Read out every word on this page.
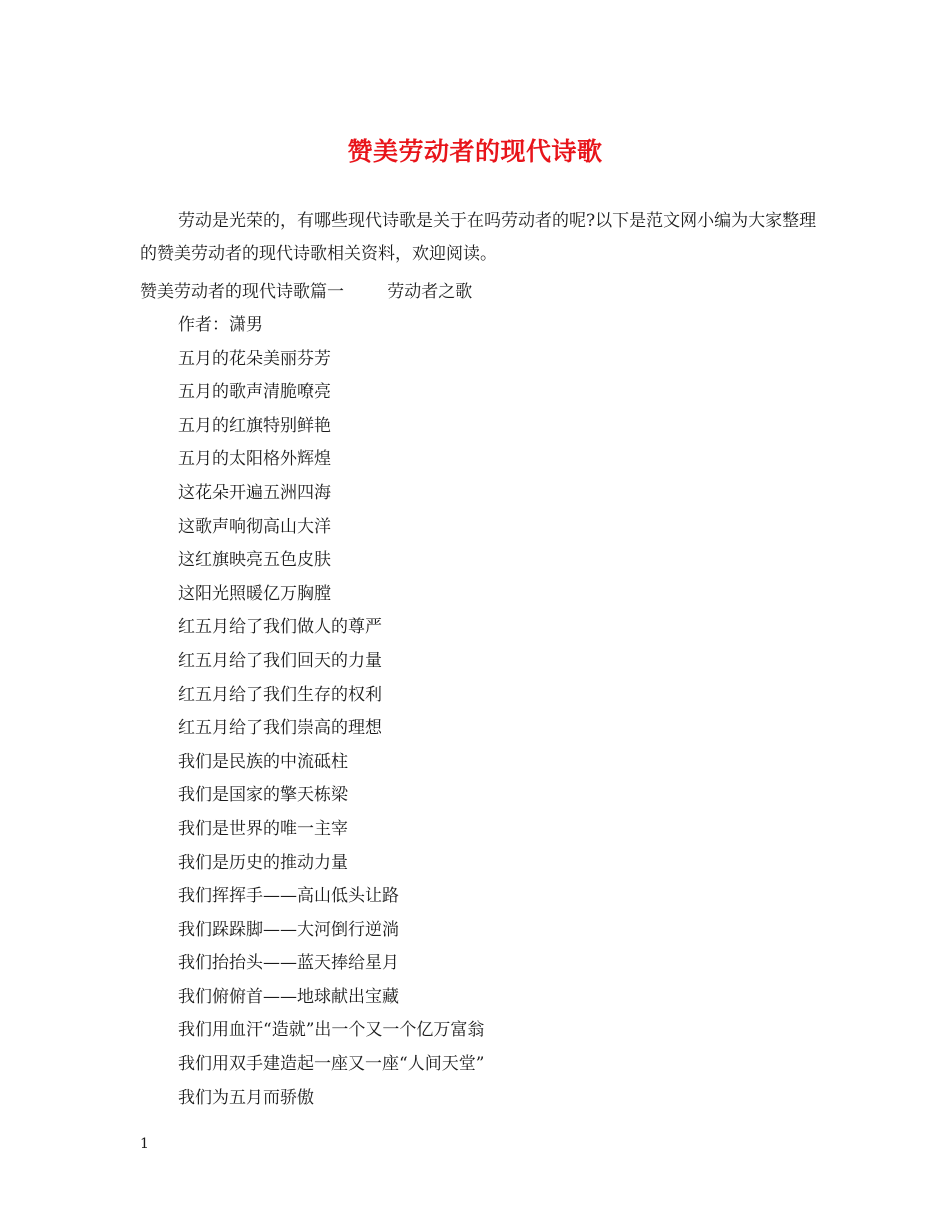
赞美劳动者的现代诗歌

劳动是光荣的，有哪些现代诗歌是关于在吗劳动者的呢?以下是范文网小编为大家整理的赞美劳动者的现代诗歌相关资料，欢迎阅读。

赞美劳动者的现代诗歌篇一	劳动者之歌
作者：潇男
五月的花朵美丽芬芳
五月的歌声清脆嘹亮
五月的红旗特别鲜艳
五月的太阳格外辉煌
这花朵开遍五洲四海
这歌声响彻高山大洋
这红旗映亮五色皮肤
这阳光照暖亿万胸膛
红五月给了我们做人的尊严
红五月给了我们回天的力量
红五月给了我们生存的权利
红五月给了我们崇高的理想
我们是民族的中流砥柱
我们是国家的擎天栋梁
我们是世界的唯一主宰
我们是历史的推动力量
我们挥挥手——高山低头让路
我们跺跺脚——大河倒行逆淌
我们抬抬头——蓝天捧给星月
我们俯俯首——地球献出宝藏
我们用血汗“造就”出一个又一个亿万富翁
我们用双手建造起一座又一座“人间天堂”
我们为五月而骄傲
1
